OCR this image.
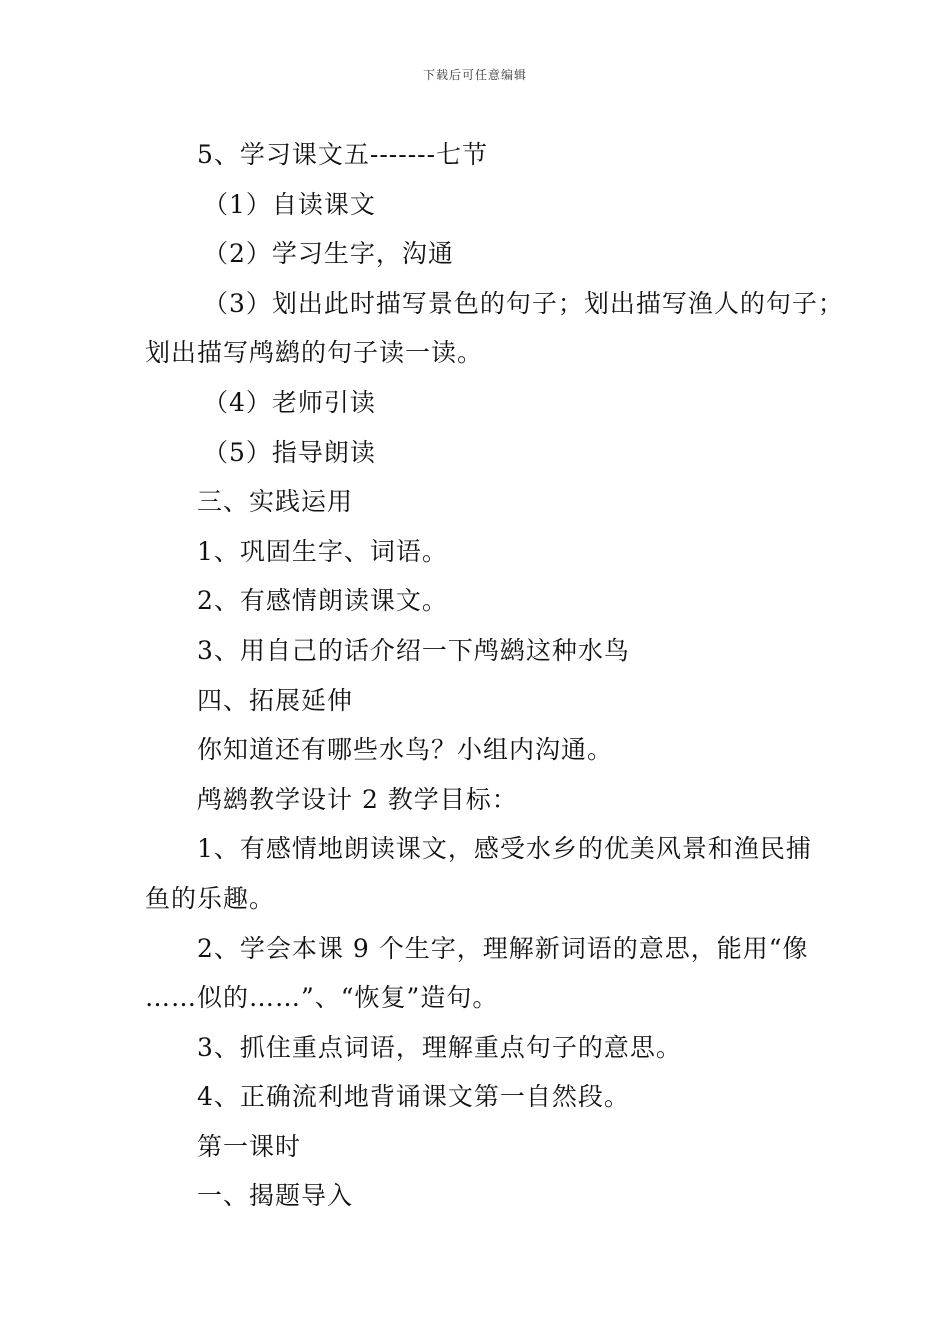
下载后可任意编辑
5、学习课文五-------七节
（1）自读课文
（2）学习生字，沟通
（3）划出此时描写景色的句子；划出描写渔人的句子；
划出描写鸬鹚的句子读一读。
（4）老师引读
（5）指导朗读
三、实践运用
1、巩固生字、词语。
2、有感情朗读课文。
3、用自己的话介绍一下鸬鹚这种水鸟
四、拓展延伸
你知道还有哪些水鸟？小组内沟通。
鸬鹚教学设计 2 教学目标：
1、有感情地朗读课文，感受水乡的优美风景和渔民捕
鱼的乐趣。
2、学会本课 9 个生字，理解新词语的意思，能用“像
……似的……”、“恢复”造句。
3、抓住重点词语，理解重点句子的意思。
4、正确流利地背诵课文第一自然段。
第一课时
一、揭题导入
